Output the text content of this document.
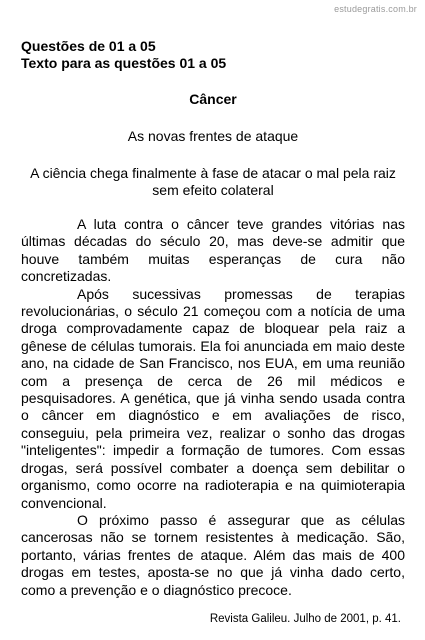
estudegratis.com.br
Questões de 01 a 05
Texto para as questões 01 a 05
Câncer
As novas frentes de ataque
A ciência chega finalmente à fase de atacar o mal pela raiz sem efeito colateral

A luta contra o câncer teve grandes vitórias nas últimas décadas do século 20, mas deve-se admitir que houve também muitas esperanças de cura não concretizadas.

Após sucessivas promessas de terapias revolucionárias, o século 21 começou com a notícia de uma droga comprovadamente capaz de bloquear pela raiz a gênese de células tumorais. Ela foi anunciada em maio deste ano, na cidade de San Francisco, nos EUA, em uma reunião com a presença de cerca de 26 mil médicos e pesquisadores. A genética, que já vinha sendo usada contra o câncer em diagnóstico e em avaliações de risco, conseguiu, pela primeira vez, realizar o sonho das drogas "inteligentes": impedir a formação de tumores. Com essas drogas, será possível combater a doença sem debilitar o organismo, como ocorre na radioterapia e na quimioterapia convencional.

O próximo passo é assegurar que as células cancerosas não se tornem resistentes à medicação. São, portanto, várias frentes de ataque. Além das mais de 400 drogas em testes, aposta-se no que já vinha dado certo, como a prevenção e o diagnóstico precoce.

Revista Galileu. Julho de 2001, p. 41.
